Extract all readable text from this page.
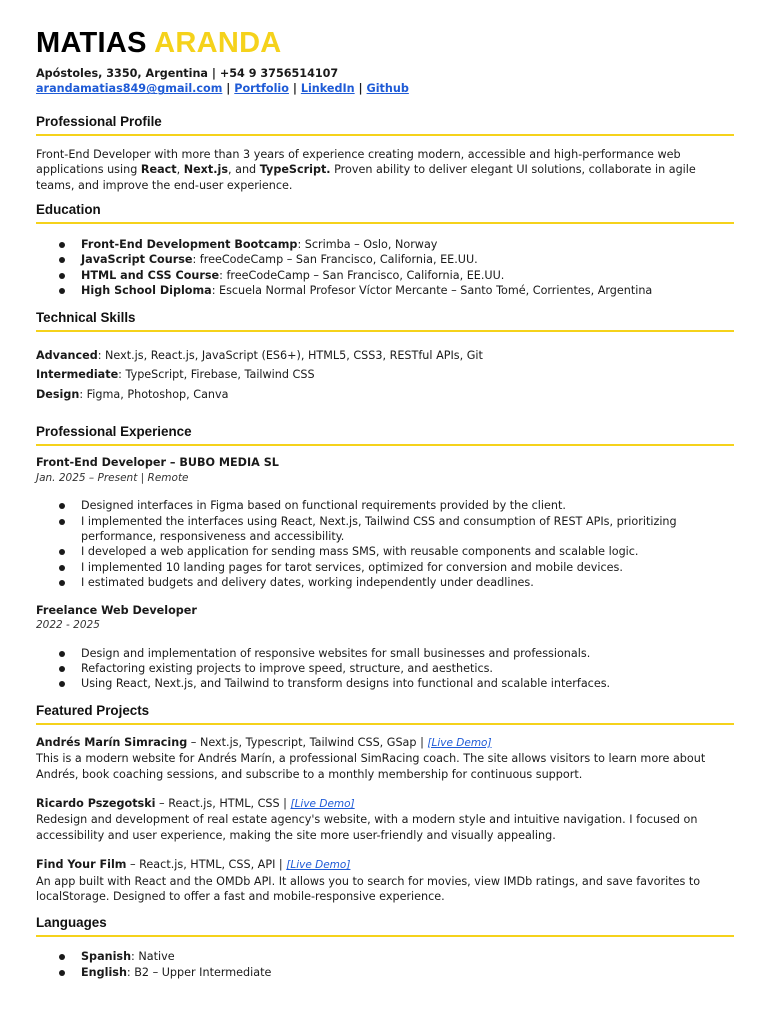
MATIAS ARANDA
Apóstoles, 3350, Argentina | +54 9 3756514107
arandamatias849@gmail.com | Portfolio | LinkedIn | Github
Professional Profile

Front-End Developer with more than 3 years of experience creating modern, accessible and high-performance web applications using React, Next.js, and TypeScript. Proven ability to deliver elegant UI solutions, collaborate in agile teams, and improve the end-user experience.

Education
Front-End Development Bootcamp: Scrimba – Oslo, Norway
JavaScript Course: freeCodeCamp – San Francisco, California, EE.UU.
HTML and CSS Course: freeCodeCamp – San Francisco, California, EE.UU.
High School Diploma: Escuela Normal Profesor Víctor Mercante – Santo Tomé, Corrientes, Argentina
Technical Skills
Advanced: Next.js, React.js, JavaScript (ES6+), HTML5, CSS3, RESTful APIs, Git
Intermediate: TypeScript, Firebase, Tailwind CSS
Design: Figma, Photoshop, Canva
Professional Experience
Front-End Developer – BUBO MEDIA SL
Jan. 2025 – Present | Remote
Designed interfaces in Figma based on functional requirements provided by the client.
I implemented the interfaces using React, Next.js, Tailwind CSS and consumption of REST APIs, prioritizing performance, responsiveness and accessibility.
I developed a web application for sending mass SMS, with reusable components and scalable logic.
I implemented 10 landing pages for tarot services, optimized for conversion and mobile devices.
I estimated budgets and delivery dates, working independently under deadlines.
Freelance Web Developer
2022 - 2025
Design and implementation of responsive websites for small businesses and professionals.
Refactoring existing projects to improve speed, structure, and aesthetics.
Using React, Next.js, and Tailwind to transform designs into functional and scalable interfaces.
Featured Projects
Andrés Marín Simracing – Next.js, Typescript, Tailwind CSS, GSap | [Live Demo]
This is a modern website for Andrés Marín, a professional SimRacing coach. The site allows visitors to learn more about Andrés, book coaching sessions, and subscribe to a monthly membership for continuous support.
Ricardo Pszegotski – React.js, HTML, CSS | [Live Demo]
Redesign and development of real estate agency's website, with a modern style and intuitive navigation. I focused on accessibility and user experience, making the site more user-friendly and visually appealing.
Find Your Film – React.js, HTML, CSS, API | [Live Demo]
An app built with React and the OMDb API. It allows you to search for movies, view IMDb ratings, and save favorites to localStorage. Designed to offer a fast and mobile-responsive experience.
Languages
Spanish: Native
English: B2 – Upper Intermediate
